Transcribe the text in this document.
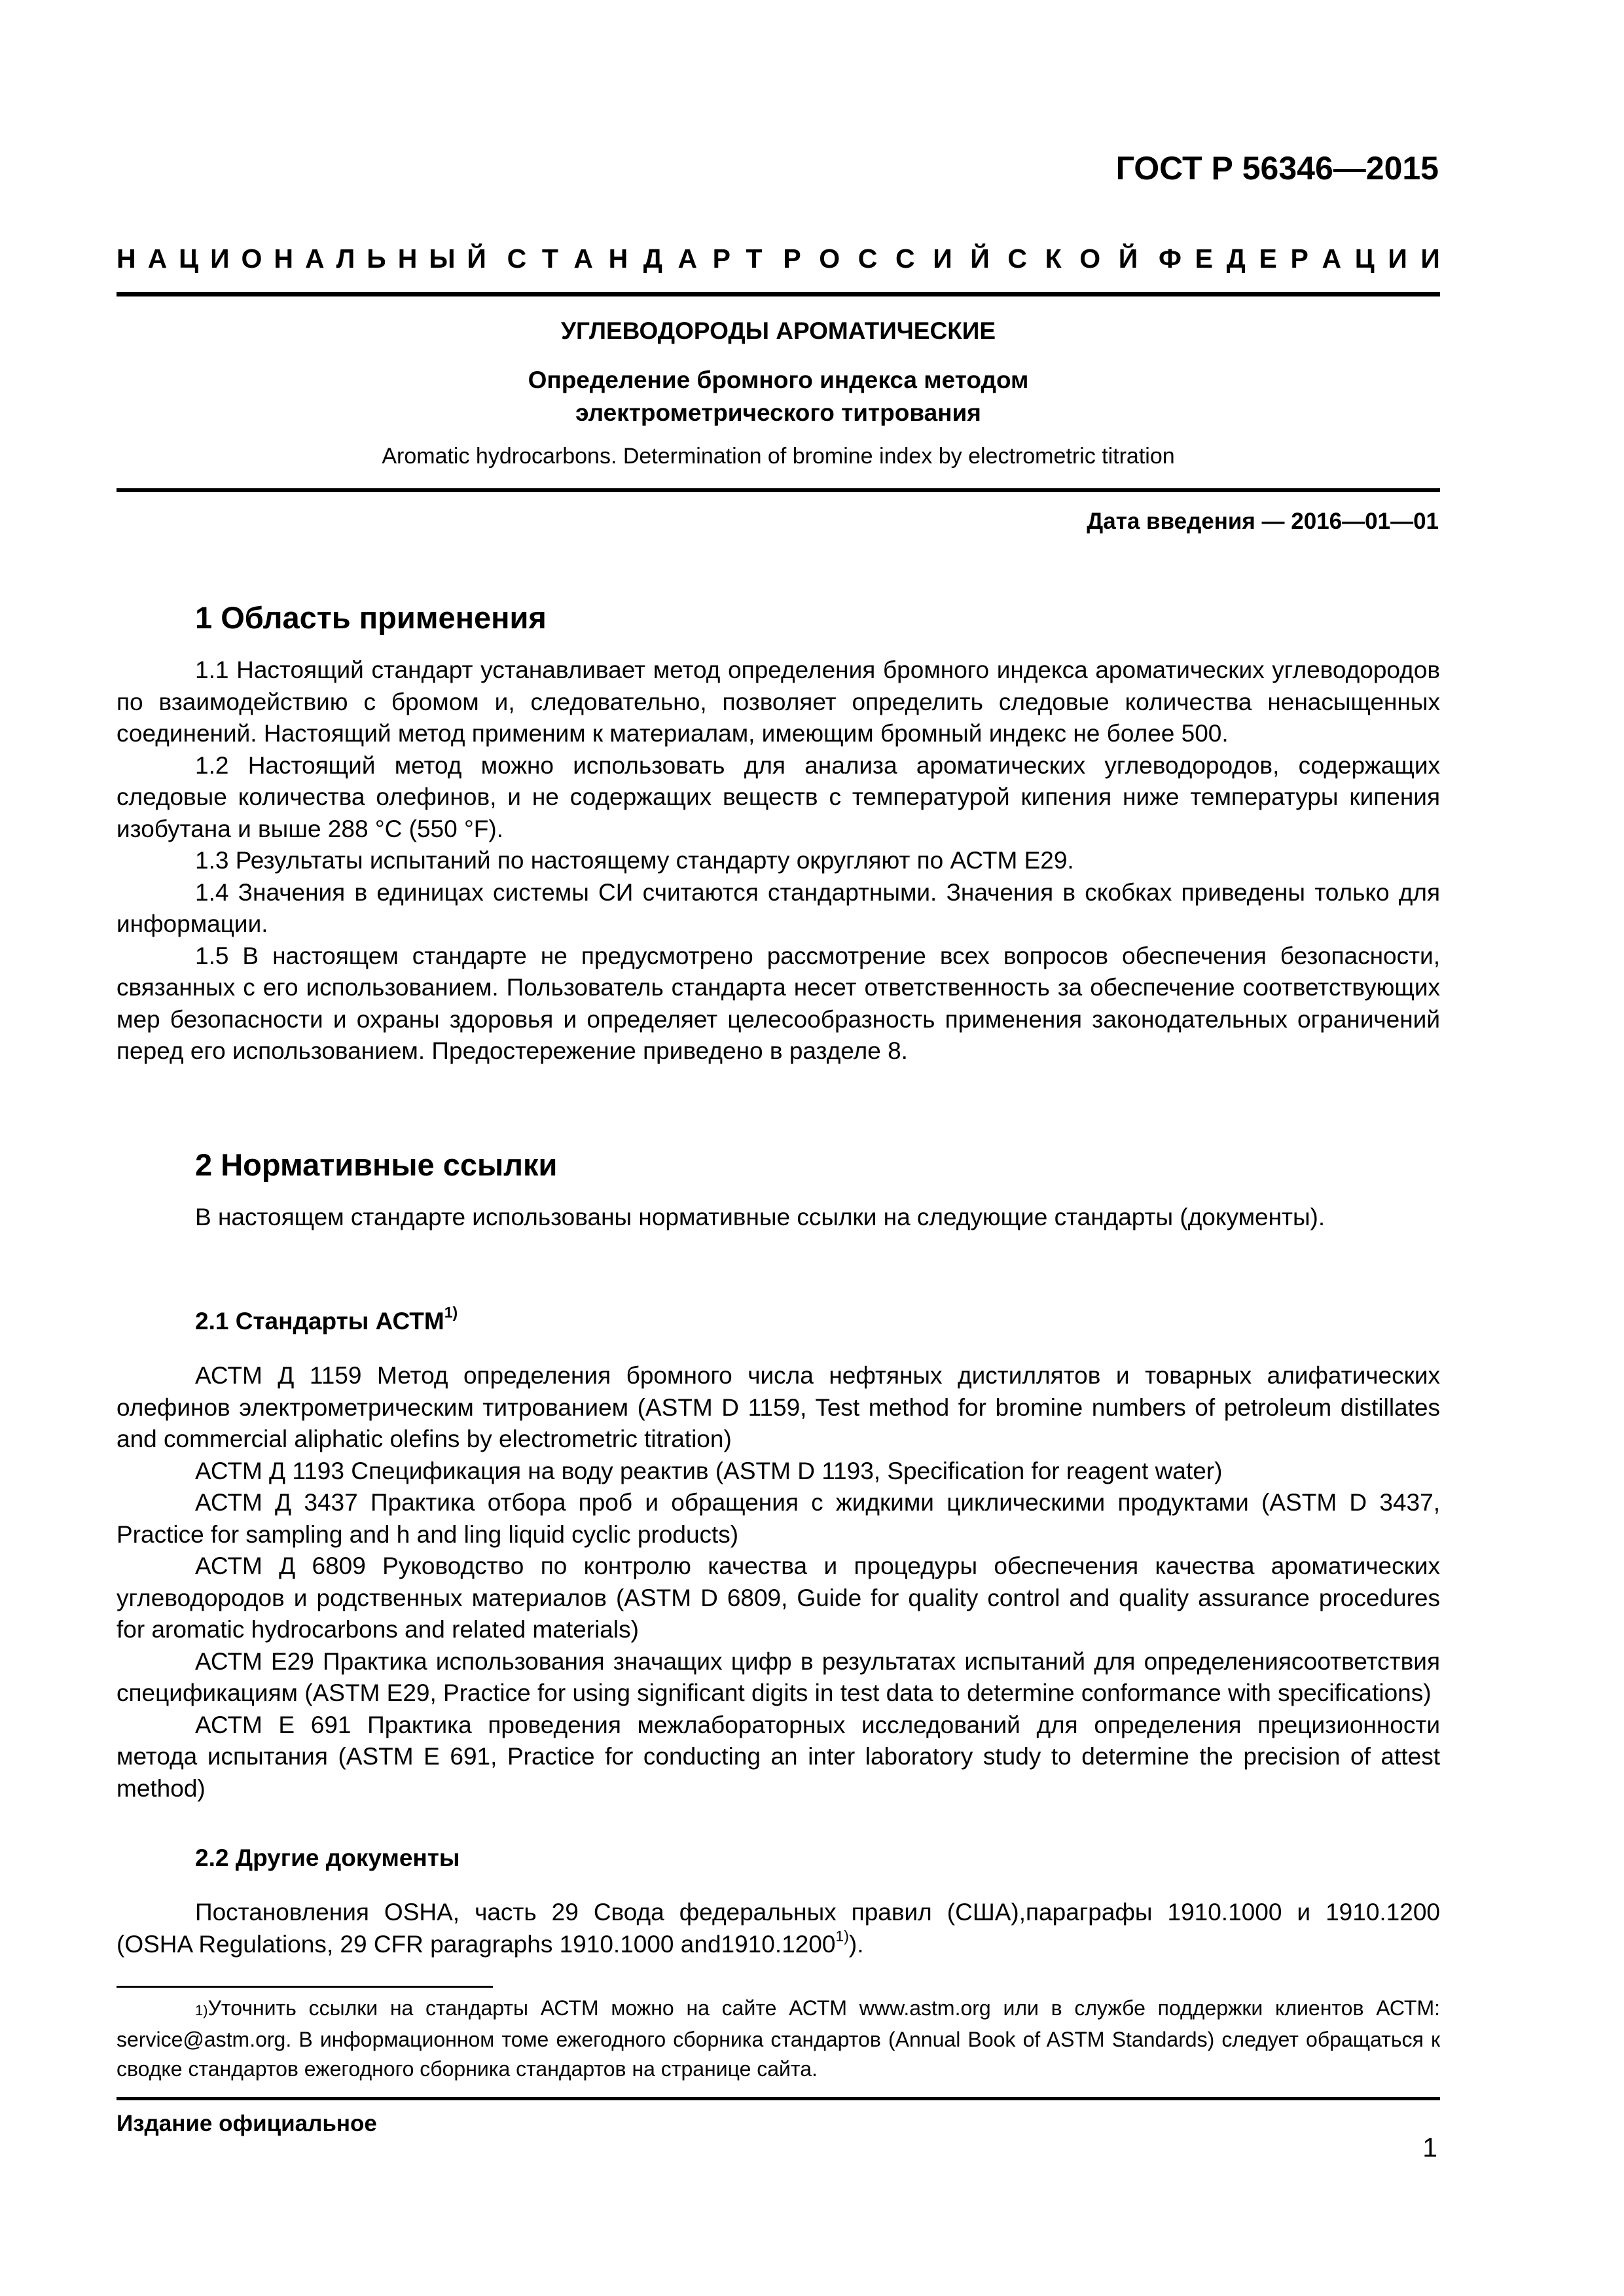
ГОСТ Р 56346—2015
Н А Ц И О Н А Л Ь Н Ы Й С Т А Н Д А Р Т Р О С С И Й С К О Й Ф Е Д Е Р А Ц И И
УГЛЕВОДОРОДЫ АРОМАТИЧЕСКИЕ
Определение бромного индекса методом
электрометрического титрования
Aromatic hydrocarbons. Determination of bromine index by electrometric titration
Дата введения — 2016—01—01
1 Область применения

1.1 Настоящий стандарт устанавливает метод определения бромного индекса ароматических углеводородов по взаимодействию с бромом и, следовательно, позволяет определить следовые количества ненасыщенных соединений. Настоящий метод применим к материалам, имеющим бромный индекс не более 500.

1.2 Настоящий метод можно использовать для анализа ароматических углеводородов, содержащих следовые количества олефинов, и не содержащих веществ с температурой кипения ниже температуры кипения изобутана и выше 288 °С (550 °F).

1.3 Результаты испытаний по настоящему стандарту округляют по АСТМ Е29.

1.4 Значения в единицах системы СИ считаются стандартными. Значения в скобках приведены только для информации.

1.5 В настоящем стандарте не предусмотрено рассмотрение всех вопросов обеспечения безопасности, связанных с его использованием. Пользователь стандарта несет ответственность за обеспечение соответствующих мер безопасности и охраны здоровья и определяет целесообразность применения законодательных ограничений перед его использованием. Предостережение приведено в разделе 8.

2 Нормативные ссылки

В настоящем стандарте использованы нормативные ссылки на следующие стандарты (документы).

2.1 Стандарты АСТМ$^{1)}$

АСТМ Д 1159 Метод определения бромного числа нефтяных дистиллятов и товарных алифатических олефинов электрометрическим титрованием (ASTM D 1159, Test method for bromine numbers of petroleum distillates and commercial aliphatic olefins by electrometric titration)

АСТМ Д 1193 Спецификация на воду реактив (ASTM D 1193, Specification for reagent water)

АСТМ Д 3437 Практика отбора проб и обращения с жидкими циклическими продуктами (ASTM D 3437, Practice for sampling and h and ling liquid cyclic products)

АСТМ Д 6809 Руководство по контролю качества и процедуры обеспечения качества ароматических углеводородов и родственных материалов (ASTM D 6809, Guide for quality control and quality assurance procedures for aromatic hydrocarbons and related materials)

АСТМ Е29 Практика использования значащих цифр в результатах испытаний для определениясоответствия спецификациям (ASTM E29, Practice for using significant digits in test data to determine conformance with specifications)

АСТМ Е 691 Практика проведения межлабораторных исследований для определения прецизионности метода испытания (ASTM E 691, Practice for conducting an inter laboratory study to determine the precision of attest method)

2.2 Другие документы

Постановления OSHA, часть 29 Свода федеральных правил (США),параграфы 1910.1000 и 1910.1200 (OSHA Regulations, 29 CFR paragraphs 1910.1000 and1910.1200$^{1)}$).

1)Уточнить ссылки на стандарты АСТМ можно на сайте АСТМ www.astm.org или в службе поддержки клиентов АСТМ: service@astm.org. В информационном томе ежегодного сборника стандартов (Annual Book of ASTM Standards) следует обращаться к сводке стандартов ежегодного сборника стандартов на странице сайта.

Издание официальное
1
